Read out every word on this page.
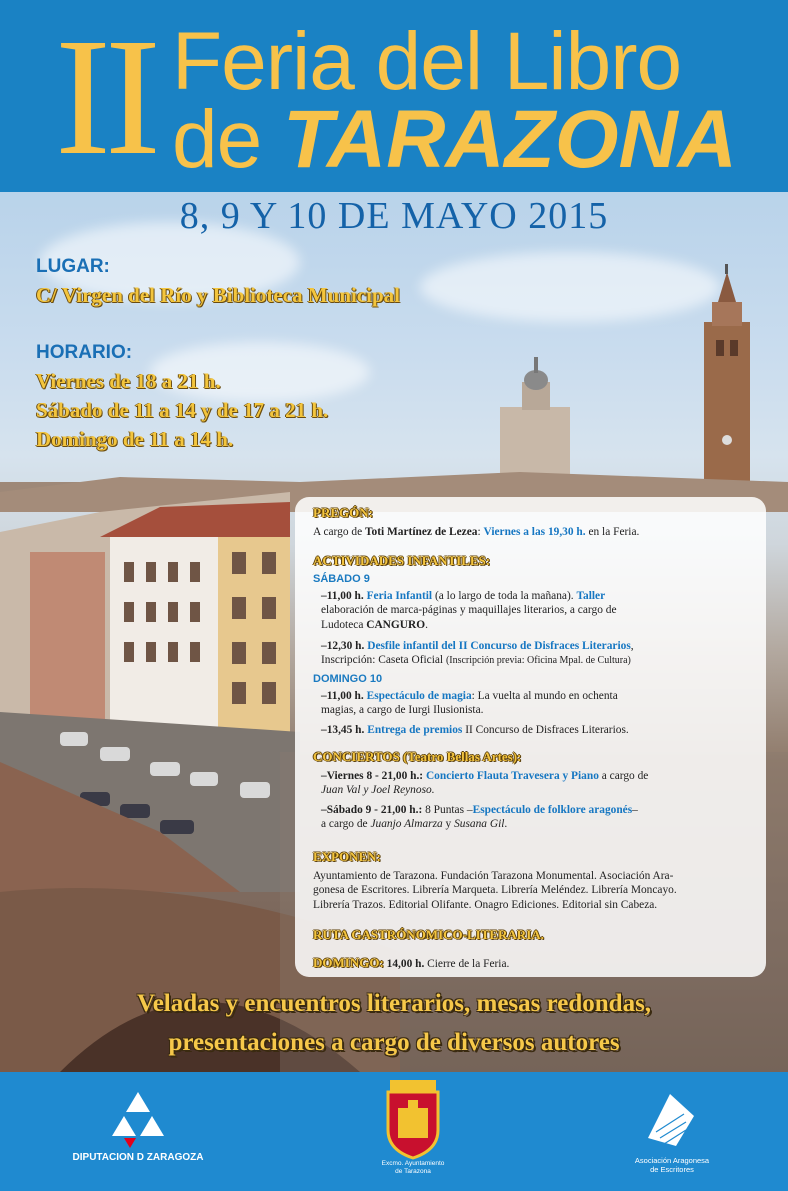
II Feria del Libro
de TARAZONA
8, 9 Y 10 DE MAYO 2015
LUGAR:
C/ Virgen del Río y Biblioteca Municipal
HORARIO:
Viernes de 18 a 21 h.
Sábado de 11 a 14 y de 17 a 21 h.
Domingo de 11 a 14 h.
PREGÓN:
A cargo de Toti Martínez de Lezea: Viernes a las 19,30 h. en la Feria.
ACTIVIDADES INFANTILES:
SÁBADO 9
–11,00 h. Feria Infantil (a lo largo de toda la mañana). Taller
elaboración de marca-páginas y maquillajes literarios, a cargo de
Ludoteca CANGURO.
–12,30 h. Desfile infantil del II Concurso de Disfraces Literarios,
Inscripción: Caseta Oficial (Inscripción previa: Oficina Mpal. de Cultura)
DOMINGO 10
–11,00 h. Espectáculo de magia: La vuelta al mundo en ochenta
magias, a cargo de Iurgi Ilusionista.
–13,45 h. Entrega de premios II Concurso de Disfraces Literarios.
CONCIERTOS (Teatro Bellas Artes):
–Viernes 8 - 21,00 h.: Concierto Flauta Travesera y Piano a cargo de
Juan Val y Joel Reynoso.
–Sábado 9 - 21,00 h.: 8 Puntas –Espectáculo de folklore aragonés–
a cargo de Juanjo Almarza y Susana Gil.
EXPONEN:
Ayuntamiento de Tarazona. Fundación Tarazona Monumental. Asociación Ara-
gonesa de Escritores. Librería Marqueta. Librería Meléndez. Librería Moncayo.
Librería Trazos. Editorial Olifante. Onagro Ediciones. Editorial sin Cabeza.
RUTA GASTRÓNOMICO-LITERARIA.
DOMINGO: 14,00 h. Cierre de la Feria.
Veladas y encuentros literarios, mesas redondas,
presentaciones a cargo de diversos autores
DIPUTACION D ZARAGOZA
Excmo. Ayuntamiento
de Tarazona
Asociación Aragonesa
de Escritores
